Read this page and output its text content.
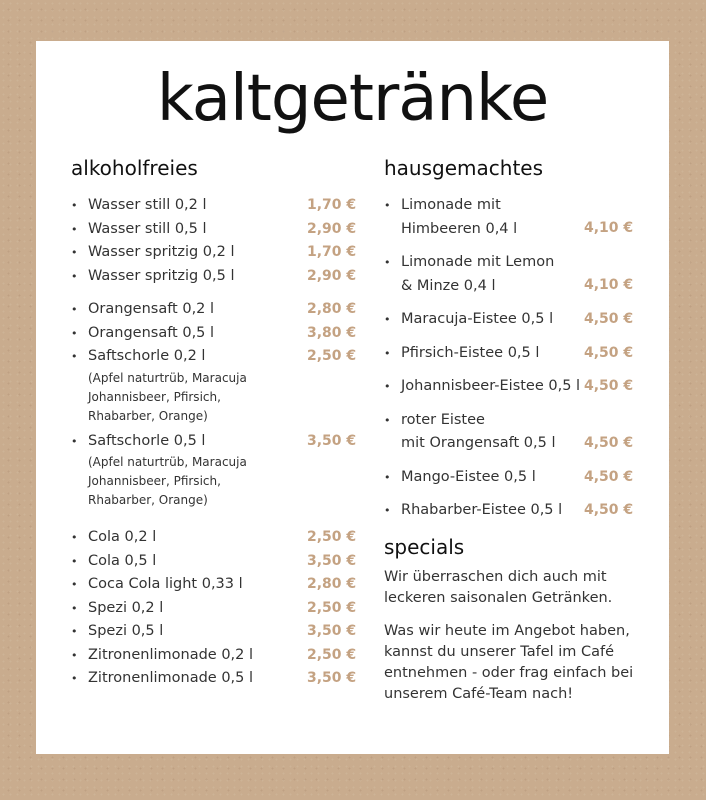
kaltgetränke
alkoholfreies
• Wasser still 0,2 l	1,70 €
• Wasser still 0,5 l	2,90 €
• Wasser spritzig 0,2 l	1,70 €
• Wasser spritzig 0,5 l	2,90 €
• Orangensaft 0,2 l	2,80 €
• Orangensaft 0,5 l	3,80 €
• Saftschorle 0,2 l	2,50 €
(Apfel naturtrüb, Maracuja Johannisbeer, Pfirsich, Rhabarber, Orange)
• Saftschorle 0,5 l	3,50 €
(Apfel naturtrüb, Maracuja Johannisbeer, Pfirsich, Rhabarber, Orange)
• Cola 0,2 l	2,50 €
• Cola 0,5 l	3,50 €
• Coca Cola light 0,33 l	2,80 €
• Spezi 0,2 l	2,50 €
• Spezi 0,5 l	3,50 €
• Zitronenlimonade 0,2 l	2,50 €
• Zitronenlimonade 0,5 l	3,50 €
hausgemachtes
• Limonade mit
Himbeeren 0,4 l	4,10 €
• Limonade mit Lemon
& Minze 0,4 l	4,10 €
• Maracuja-Eistee 0,5 l 4,50 €
• Pfirsich-Eistee 0,5 l	4,50 €
• Johannisbeer-Eistee 0,5 l 4,50 €
• roter Eistee
mit Orangensaft 0,5 l 4,50 €
• Mango-Eistee 0,5 l	4,50 €
• Rhabarber-Eistee 0,5 l 4,50 €
specials

Wir überraschen dich auch mit leckeren saisonalen Getränken.

Was wir heute im Angebot haben, kannst du unserer Tafel im Café entnehmen - oder frag einfach bei unserem Café-Team nach!
